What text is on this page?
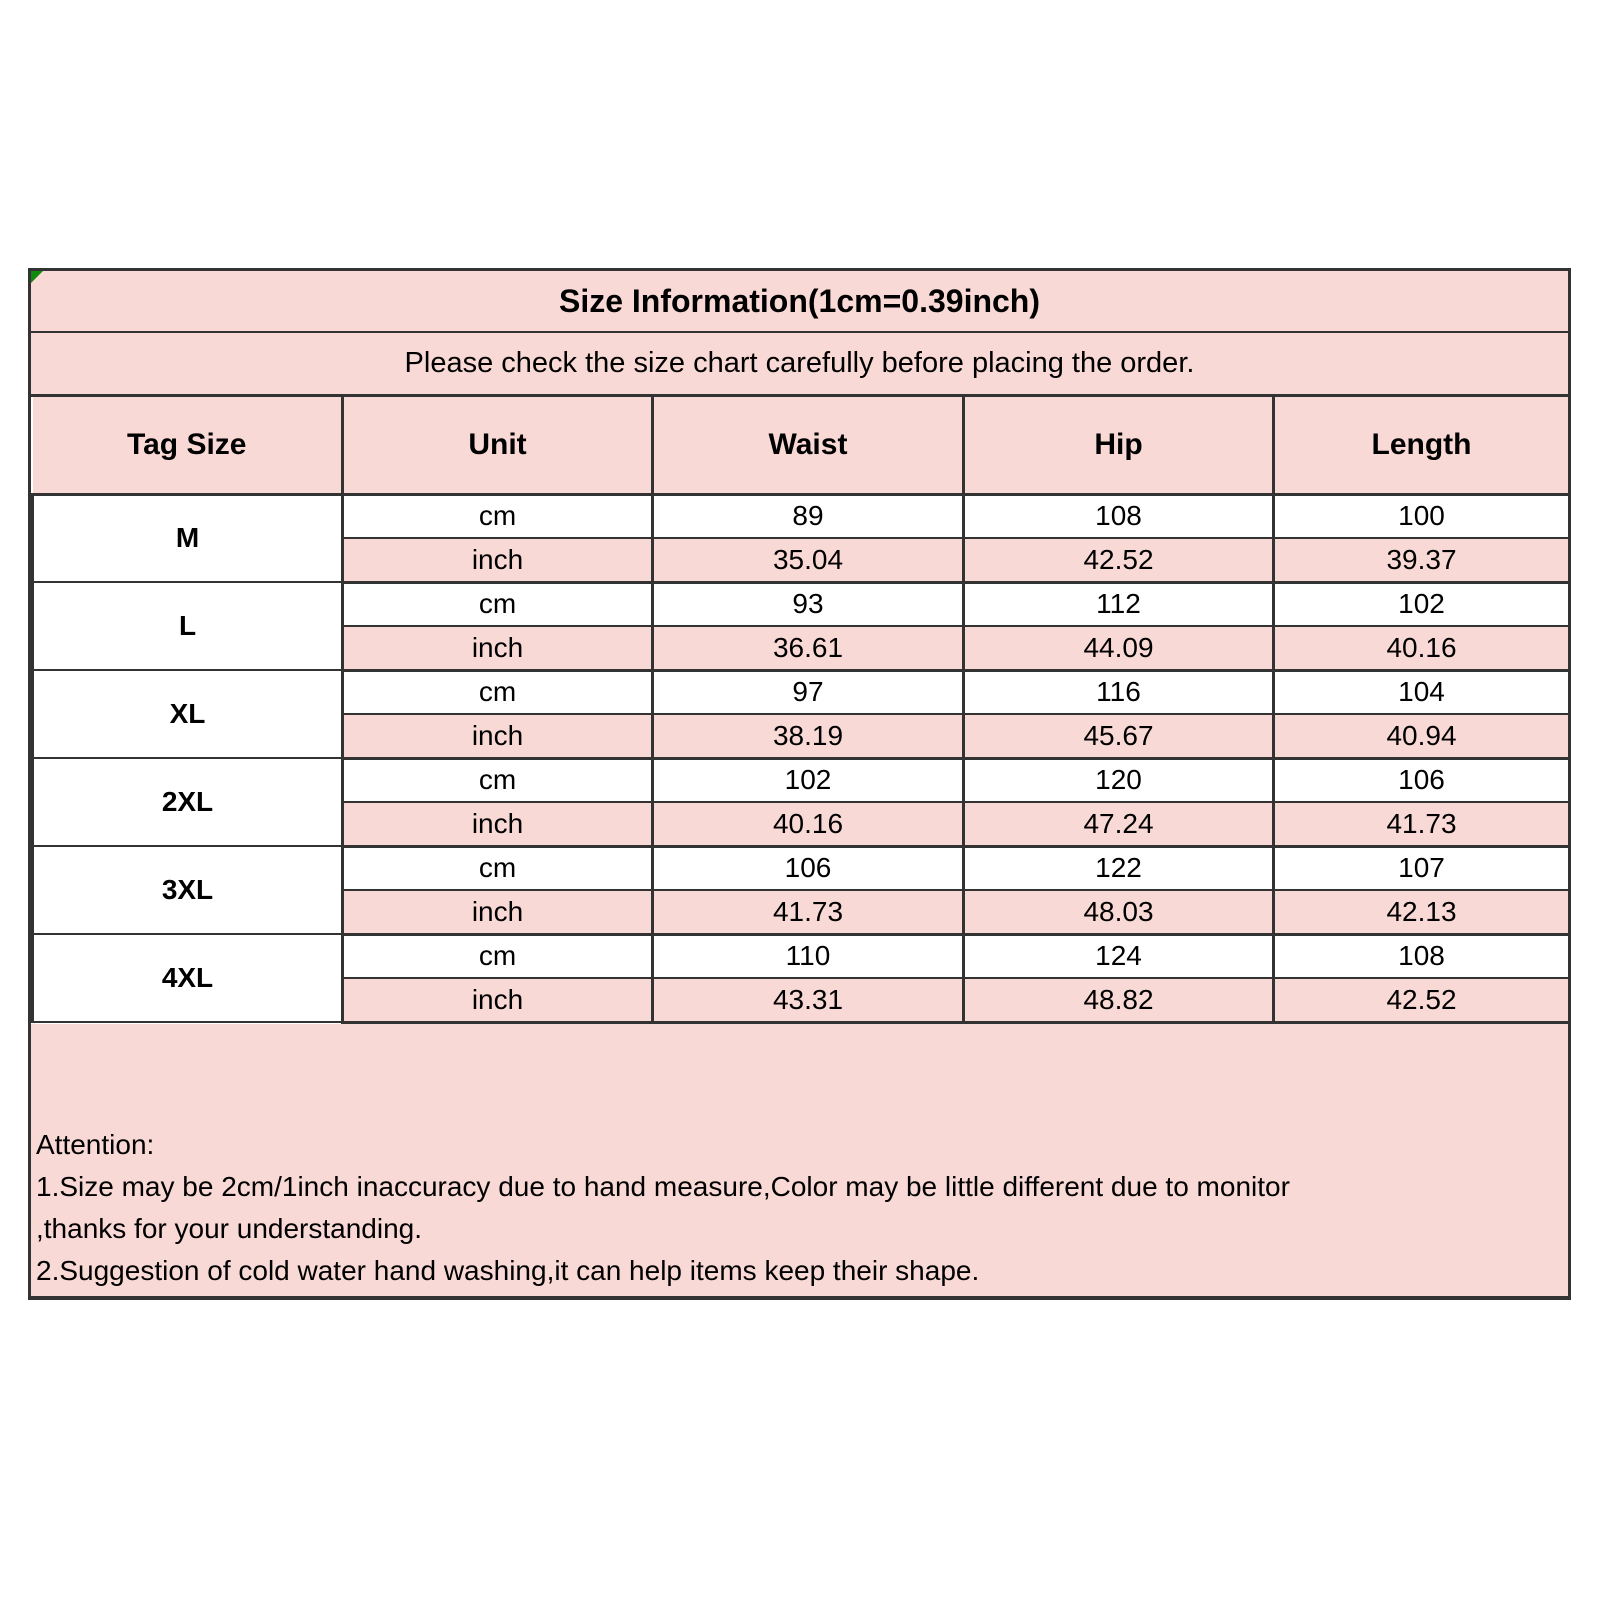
Size Information(1cm=0.39inch)
Please check the size chart carefully before placing the order.
Tag Size	Unit	Waist	Hip	Length
M	cm	89	108	100
	inch	35.04	42.52	39.37
L	cm	93	112	102
	inch	36.61	44.09	40.16
XL	cm	97	116	104
	inch	38.19	45.67	40.94
2XL	cm	102	120	106
	inch	40.16	47.24	41.73
3XL	cm	106	122	107
	inch	41.73	48.03	42.13
4XL	cm	110	124	108
	inch	43.31	48.82	42.52
Attention:
1.Size may be 2cm/1inch inaccuracy due to hand measure,Color may be little different due to monitor
,thanks for your understanding.
2.Suggestion of cold water hand washing,it can help items keep their shape.
